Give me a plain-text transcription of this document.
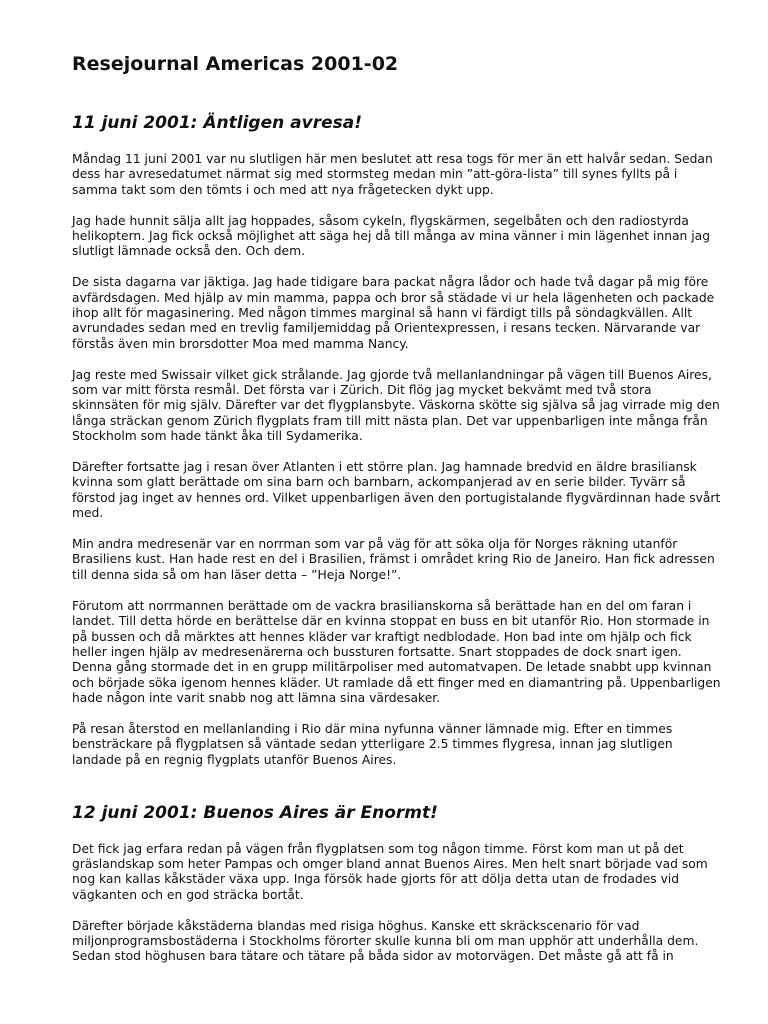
Resejournal Americas 2001-02
11 juni 2001: Äntligen avresa!

Måndag 11 juni 2001 var nu slutligen här men beslutet att resa togs för mer än ett halvår sedan. Sedan dess har avresedatumet närmat sig med stormsteg medan min ”att-göra-lista” till synes fyllts på i samma takt som den tömts i och med att nya frågetecken dykt upp.

Jag hade hunnit sälja allt jag hoppades, såsom cykeln, flygskärmen, segelbåten och den radiostyrda helikoptern. Jag fick också möjlighet att säga hej då till många av mina vänner i min lägenhet innan jag slutligt lämnade också den. Och dem.

De sista dagarna var jäktiga. Jag hade tidigare bara packat några lådor och hade två dagar på mig före avfärdsdagen. Med hjälp av min mamma, pappa och bror så städade vi ur hela lägenheten och packade ihop allt för magasinering. Med någon timmes marginal så hann vi färdigt tills på söndagkvällen. Allt avrundades sedan med en trevlig familjemiddag på Orientexpressen, i resans tecken. Närvarande var förstås även min brorsdotter Moa med mamma Nancy.

Jag reste med Swissair vilket gick strålande. Jag gjorde två mellanlandningar på vägen till Buenos Aires, som var mitt första resmål. Det första var i Zürich. Dit flög jag mycket bekvämt med två stora skinnsäten för mig själv. Därefter var det flygplansbyte. Väskorna skötte sig själva så jag virrade mig den långa sträckan genom Zürich flygplats fram till mitt nästa plan. Det var uppenbarligen inte många från Stockholm som hade tänkt åka till Sydamerika.

Därefter fortsatte jag i resan över Atlanten i ett större plan. Jag hamnade bredvid en äldre brasiliansk kvinna som glatt berättade om sina barn och barnbarn, ackompanjerad av en serie bilder. Tyvärr så förstod jag inget av hennes ord. Vilket uppenbarligen även den portugistalande flygvärdinnan hade svårt med.

Min andra medresenär var en norrman som var på väg för att söka olja för Norges räkning utanför Brasiliens kust. Han hade rest en del i Brasilien, främst i området kring Rio de Janeiro. Han fick adressen till denna sida så om han läser detta – ”Heja Norge!”.

Förutom att norrmannen berättade om de vackra brasilianskorna så berättade han en del om faran i landet. Till detta hörde en berättelse där en kvinna stoppat en buss en bit utanför Rio. Hon stormade in på bussen och då märktes att hennes kläder var kraftigt nedblodade. Hon bad inte om hjälp och fick heller ingen hjälp av medresenärerna och bussturen fortsatte. Snart stoppades de dock snart igen. Denna gång stormade det in en grupp militärpoliser med automatvapen. De letade snabbt upp kvinnan och började söka igenom hennes kläder. Ut ramlade då ett finger med en diamantring på. Uppenbarligen hade någon inte varit snabb nog att lämna sina värdesaker.

På resan återstod en mellanlanding i Rio där mina nyfunna vänner lämnade mig. Efter en timmes bensträckare på flygplatsen så väntade sedan ytterligare 2.5 timmes flygresa, innan jag slutligen landade på en regnig flygplats utanför Buenos Aires.

12 juni 2001: Buenos Aires är Enormt!

Det fick jag erfara redan på vägen från flygplatsen som tog någon timme. Först kom man ut på det gräslandskap som heter Pampas och omger bland annat Buenos Aires. Men helt snart började vad som nog kan kallas kåkstäder växa upp. Inga försök hade gjorts för att dölja detta utan de frodades vid vägkanten och en god sträcka bortåt.

Därefter började kåkstäderna blandas med risiga höghus. Kanske ett skräckscenario för vad miljonprogramsbostäderna i Stockholms förorter skulle kunna bli om man upphör att underhålla dem. Sedan stod höghusen bara tätare och tätare på båda sidor av motorvägen. Det måste gå att få in
